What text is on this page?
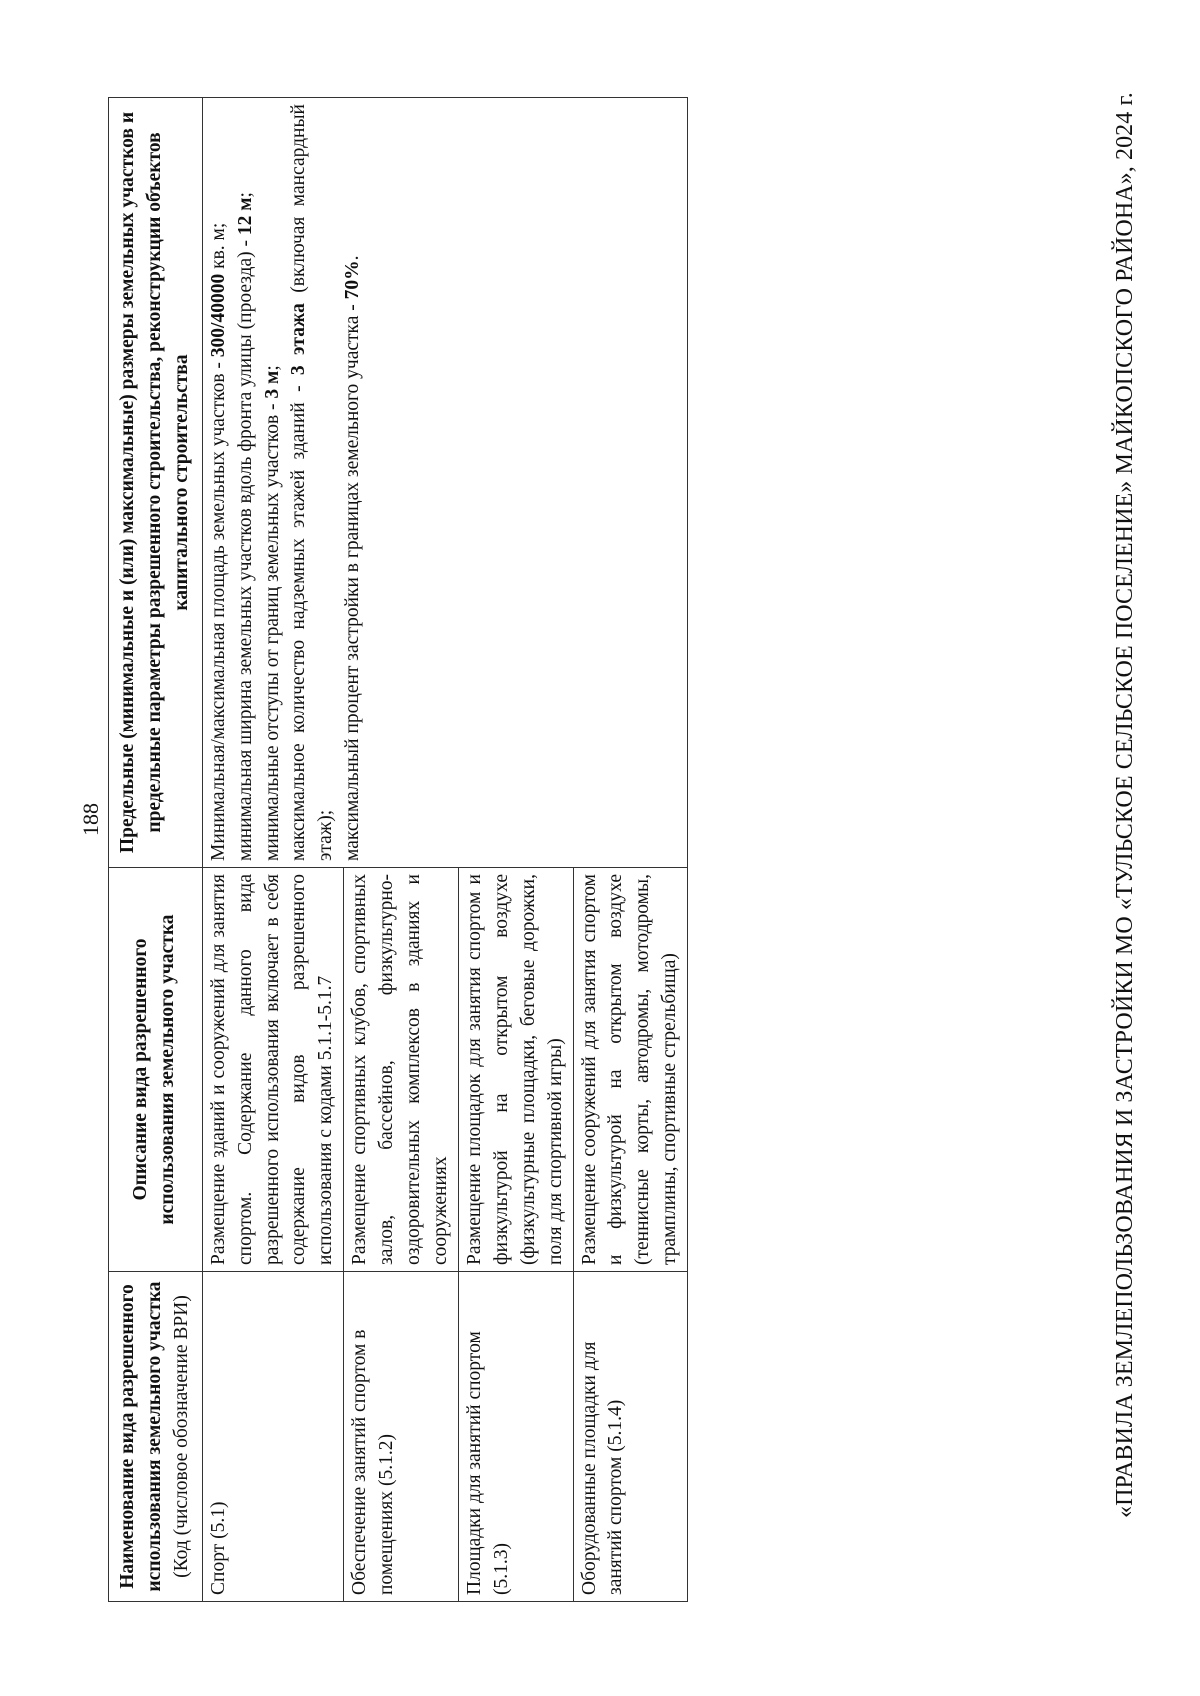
188
Наименование вида разрешенного использования земельного участка (Код (числовое обозначение ВРИ)	Описание вида разрешенного использования земельного участка	Предельные (минимальные и (или) максимальные) размеры земельных участков и предельные параметры разрешенного строительства, реконструкции объектов капитального строительства
Спорт (5.1)	Размещение зданий и сооружений для занятия спортом. Содержание данного вида разрешенного использования включает в себя содержание видов разрешенного использования с кодами 5.1.1-5.1.7	Минимальная/максимальная площадь земельных участков - 300/40000 кв. м; минимальная ширина земельных участков вдоль фронта улицы (проезда) - 12 м;

минимальные отступы от границ земельных участков - 3 м;

максимальное количество надземных этажей зданий - 3 этажа (включая мансардный этаж); максимальный процент застройки в границах земельного участка - 70%.

Обеспечение занятий спортом в помещениях (5.1.2)	Размещение спортивных клубов, спортивных залов, бассейнов, физкультурно-оздоровительных комплексов в зданиях и сооружениях	
Площадки для занятий спортом (5.1.3)	Размещение площадок для занятия спортом и физкультурой на открытом воздухе (физкультурные площадки, беговые дорожки, поля для спортивной игры)	
Оборудованные площадки для занятий спортом (5.1.4)	Размещение сооружений для занятия спортом и физкультурой на открытом воздухе (теннисные корты, автодромы, мотодромы, трамплины, спортивные стрельбища)		«ПРАВИЛА ЗЕМЛЕПОЛЬЗОВАНИЯ И ЗАСТРОЙКИ МО «ТУЛЬСКОЕ СЕЛЬСКОЕ ПОСЕЛЕНИЕ» МАЙКОПСКОГО РАЙОНА», 2024 г.
